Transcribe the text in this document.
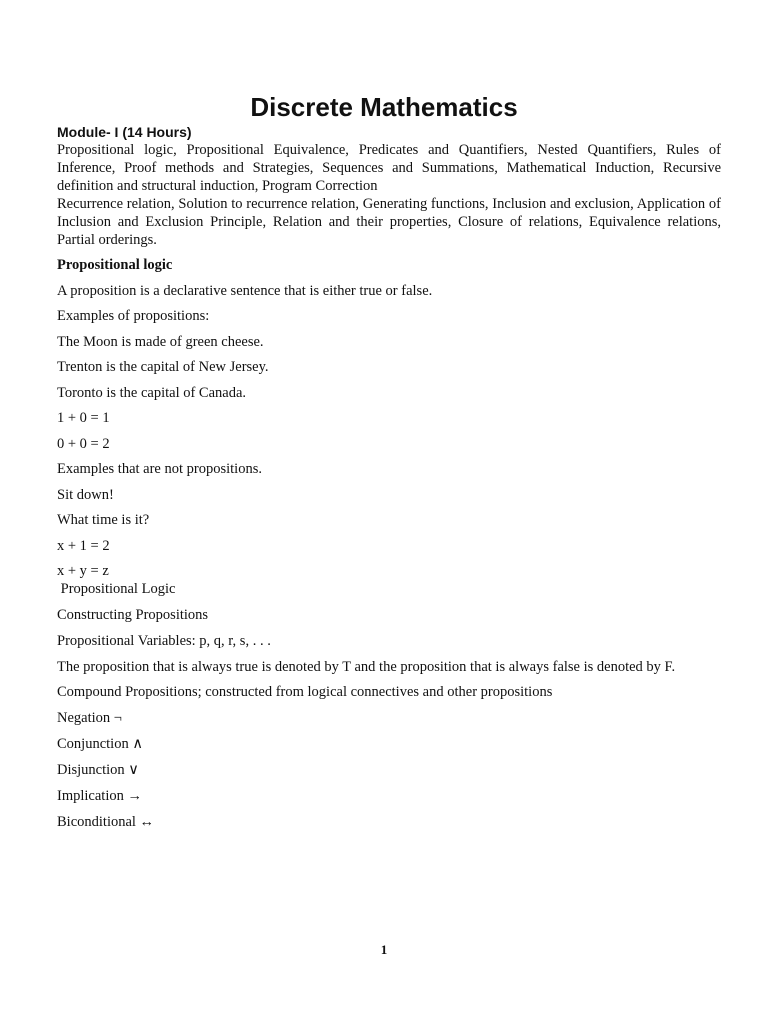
Discrete Mathematics

Module- I (14 Hours)

Propositional logic, Propositional Equivalence, Predicates and Quantifiers, Nested Quantifiers, Rules of Inference, Proof methods and Strategies, Sequences and Summations, Mathematical Induction, Recursive definition and structural induction, Program Correction

Recurrence relation, Solution to recurrence relation, Generating functions, Inclusion and exclusion, Application of Inclusion and Exclusion Principle, Relation and their properties, Closure of relations, Equivalence relations, Partial orderings.

Propositional logic

A proposition is a declarative sentence that is either true or false.

Examples of propositions:

The Moon is made of green cheese.

Trenton is the capital of New Jersey.

Toronto is the capital of Canada.

1 + 0 = 1

0 + 0 = 2

Examples that are not propositions.

Sit down!

What time is it?

x + 1 = 2

x + y = z

Propositional Logic

Constructing Propositions

Propositional Variables: p, q, r, s, . . .

The proposition that is always true is denoted by T and the proposition that is always false is denoted by F.

Compound Propositions; constructed from logical connectives and other propositions

Negation ¬

Conjunction ∧

Disjunction ∨

Implication →

Biconditional ↔

1
